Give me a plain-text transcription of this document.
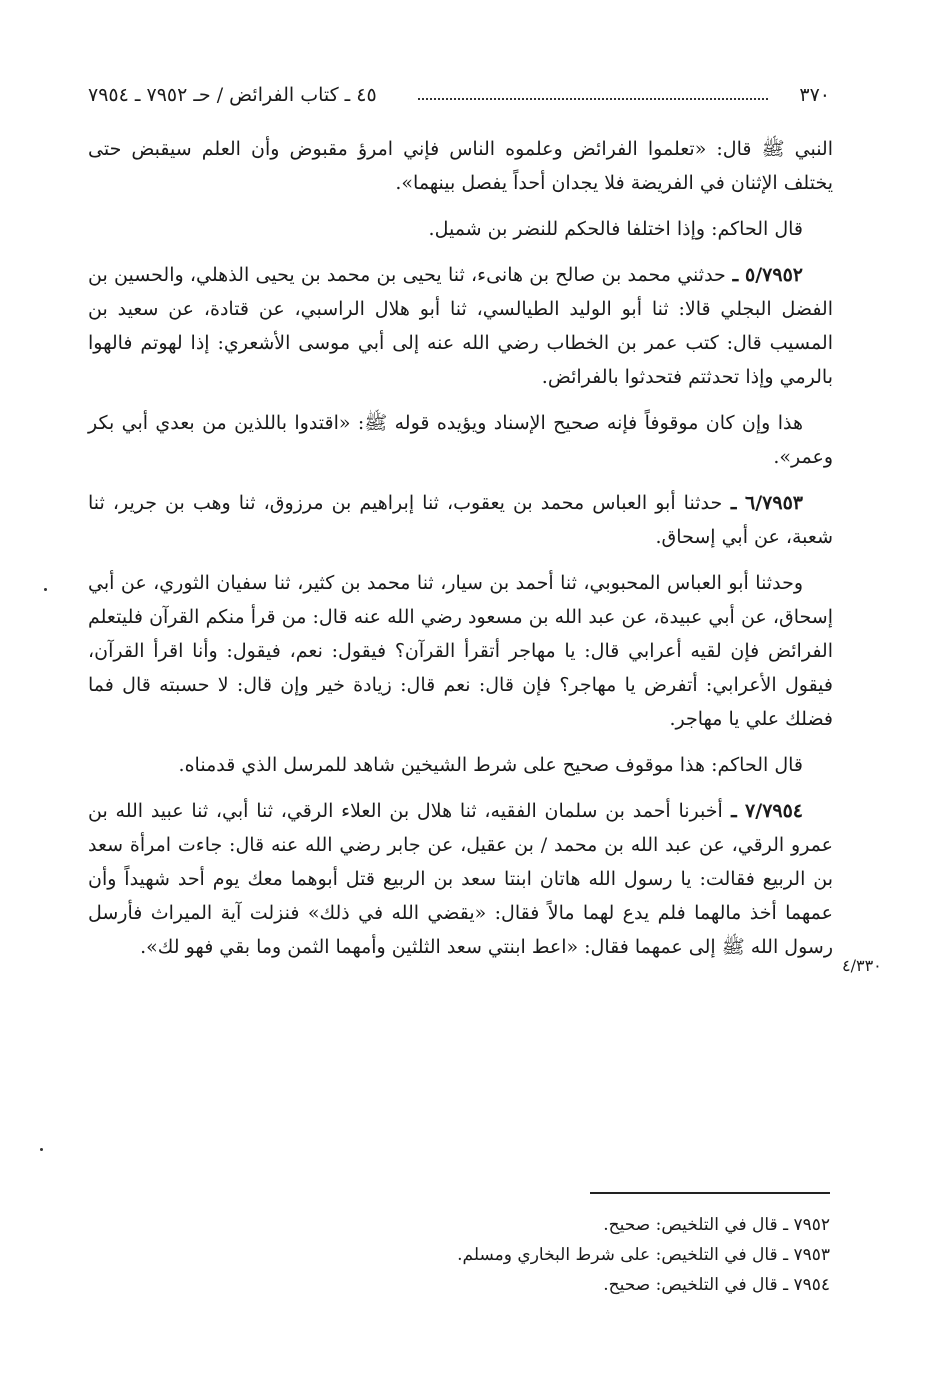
٣٧٠
٤٥ ـ كتاب الفرائض / حـ ٧٩٥٢ ـ ٧٩٥٤

النبي ﷺ قال: «تعلموا الفرائض وعلموه الناس فإني امرؤ مقبوض وأن العلم سيقبض حتى يختلف الإثنان في الفريضة فلا يجدان أحداً يفصل بينهما».

قال الحاكم: وإذا اختلفا فالحكم للنضر بن شميل.

٥/٧٩٥٢ ـ حدثني محمد بن صالح بن هانىء، ثنا يحيى بن محمد بن يحيى الذهلي، والحسين بن الفضل البجلي قالا: ثنا أبو الوليد الطيالسي، ثنا أبو هلال الراسبي، عن قتادة، عن سعيد بن المسيب قال: كتب عمر بن الخطاب رضي الله عنه إلى أبي موسى الأشعري: إذا لهوتم فالهوا بالرمي وإذا تحدثتم فتحدثوا بالفرائض.

هذا وإن كان موقوفاً فإنه صحيح الإسناد ويؤيده قوله ﷺ: «اقتدوا باللذين من بعدي أبي بكر وعمر».

٦/٧٩٥٣ ـ حدثنا أبو العباس محمد بن يعقوب، ثنا إبراهيم بن مرزوق، ثنا وهب بن جرير، ثنا شعبة، عن أبي إسحاق.

وحدثنا أبو العباس المحبوبي، ثنا أحمد بن سيار، ثنا محمد بن كثير، ثنا سفيان الثوري، عن أبي إسحاق، عن أبي عبيدة، عن عبد الله بن مسعود رضي الله عنه قال: من قرأ منكم القرآن فليتعلم الفرائض فإن لقيه أعرابي قال: يا مهاجر أتقرأ القرآن؟ فيقول: نعم، فيقول: وأنا اقرأ القرآن، فيقول الأعرابي: أتفرض يا مهاجر؟ فإن قال: نعم قال: زيادة خير وإن قال: لا حسبته قال فما فضلك علي يا مهاجر.

قال الحاكم: هذا موقوف صحيح على شرط الشيخين شاهد للمرسل الذي قدمناه.

٧/٧٩٥٤ ـ أخبرنا أحمد بن سلمان الفقيه، ثنا هلال بن العلاء الرقي، ثنا أبي، ثنا عبيد الله بن عمرو الرقي، عن عبد الله بن محمد / بن عقيل، عن جابر رضي الله عنه قال: جاءت امرأة سعد بن الربيع فقالت: يا رسول الله هاتان ابنتا سعد بن الربيع قتل أبوهما معك يوم أحد شهيداً وأن عمهما أخذ مالهما فلم يدع لهما مالاً فقال: «يقضي الله في ذلك» فنزلت آية الميراث فأرسل رسول الله ﷺ إلى عمهما فقال: «اعط ابنتي سعد الثلثين وأمهما الثمن وما بقي فهو لك».

٤/٣٣٠
٧٩٥٢ ـ قال في التلخيص: صحيح.
٧٩٥٣ ـ قال في التلخيص: على شرط البخاري ومسلم.
٧٩٥٤ ـ قال في التلخيص: صحيح.
